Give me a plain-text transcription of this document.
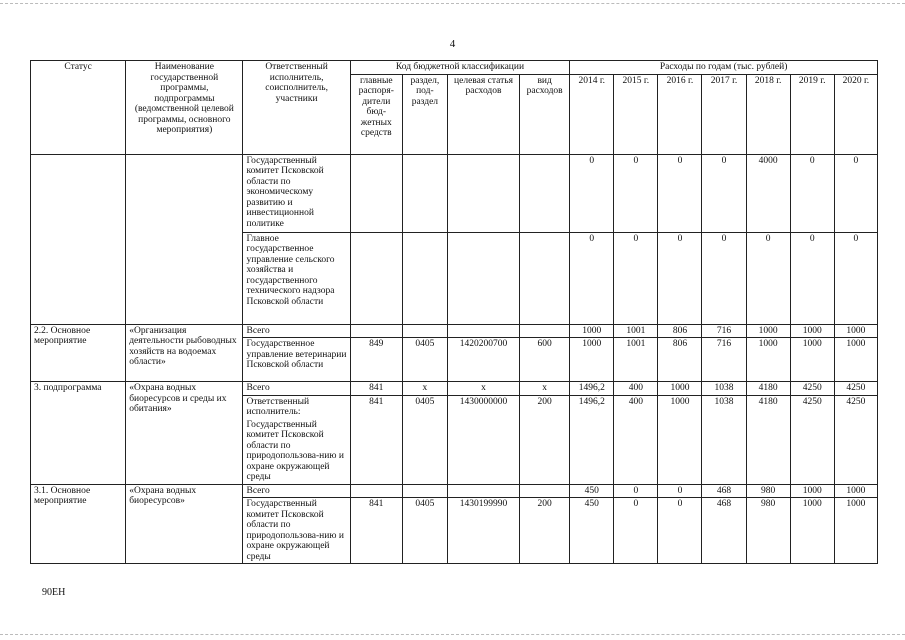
4
Статус	Наименование государственной программы, подпрограммы (ведомственной целевой программы, основного мероприятия)	Ответственный исполнитель, соисполнитель, участники	Код бюджетной классификации				Расходы по годам (тыс. рублей)						
			главные распоря-дители бюд-жетных средств	раздел, под-раздел	целевая статья расходов	вид расходов	2014 г.	2015 г.	2016 г.	2017 г.	2018 г.	2019 г.	2020 г.
		Государственный комитет Псковской области по экономическому развитию и инвестиционной политике					0	0	0	0	4000	0	0
		Главное государственное управление сельского хозяйства и государственного технического надзора Псковской области					0	0	0	0	0	0	0
2.2. Основное мероприятие	«Организация деятельности рыбоводных хозяйств на водоемах области»	Всего					1000	1001	806	716	1000	1000	1000
		Государственное управление ветеринарии Псковской области	849	0405	1420200700	600	1000	1001	806	716	1000	1000	1000
3. подпрограмма	«Охрана водных биоресурсов и среды их обитания»	Всего	841	х	х	х	1496,2	400	1000	1038	4180	4250	4250
		Ответственный исполнитель:	841	0405	1430000000	200	1496,2	400	1000	1038	4180	4250	4250
		Государственный комитет Псковской области по природопользова-нию и охране окружающей среды											
3.1. Основное мероприятие	«Охрана водных биоресурсов»	Всего					450	0	0	468	980	1000	1000
		Государственный комитет Псковской области по природопользова-нию и охране окружающей среды	841	0405	1430199990	200	450	0	0	468	980	1000	1000
90ЕН
